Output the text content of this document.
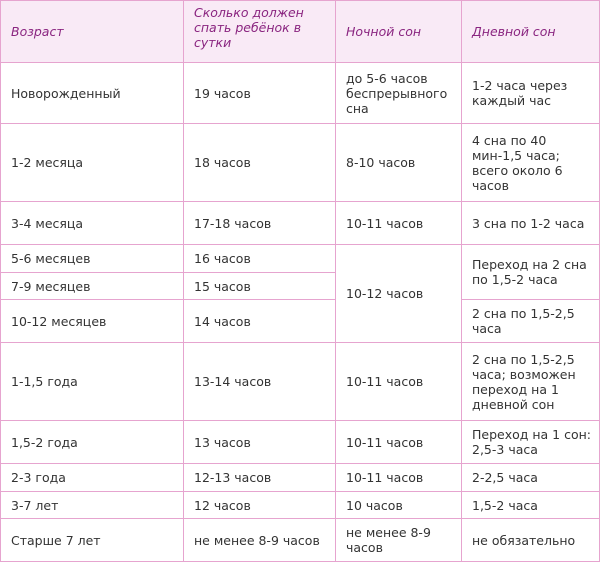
Возраст	Сколько должен спать ребёнок в сутки	Ночной сон	Дневной сон
Новорожденный	19 часов	до 5-6 часов беспрерывного сна	1-2 часа через каждый час
1-2 месяца	18 часов	8-10 часов	4 сна по 40 мин-1,5 часа; всего около 6 часов
3-4 месяца	17-18 часов	10-11 часов	3 сна по 1-2 часа
5-6 месяцев	16 часов	10-12 часов	Переход на 2 сна по 1,5-2 часа
7-9 месяцев	15 часов		
10-12 месяцев	14 часов		2 сна по 1,5-2,5 часа
1-1,5 года	13-14 часов	10-11 часов	2 сна по 1,5-2,5 часа; возможен переход на 1 дневной сон
1,5-2 года	13 часов	10-11 часов	Переход на 1 сон: 2,5-3 часа
2-3 года	12-13 часов	10-11 часов	2-2,5 часа
3-7 лет	12 часов	10 часов	1,5-2 часа
Старше 7 лет	не менее 8-9 часов	не менее 8-9 часов	не обязательно
